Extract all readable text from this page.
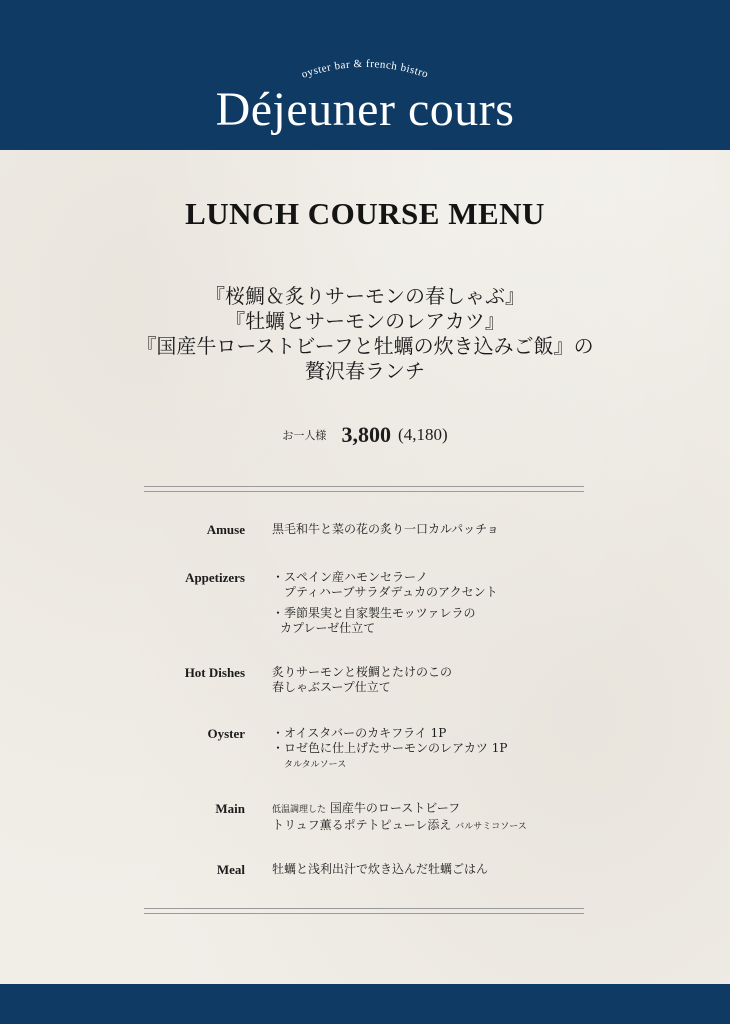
oyster bar & french bistro
Déjeuner cours
LUNCH COURSE MENU
『桜鯛＆炙りサーモンの春しゃぶ』
『牡蠣とサーモンのレアカツ』
『国産牛ローストビーフと牡蠣の炊き込みご飯』の
贅沢春ランチ
お一人様 3,800 (4,180)
Amuse 黒毛和牛と菜の花の炙り一口カルパッチョ
Appetizers ・スペイン産ハモンセラーノ
プティハーブサラダデュカのアクセント
・季節果実と自家製生モッツァレラの
カプレーゼ仕立て
Hot Dishes 炙りサーモンと桜鯛とたけのこの
春しゃぶスープ仕立て
Oyster ・オイスタバーのカキフライ 1P
・ロゼ色に仕上げたサーモンのレアカツ 1P
タルタルソース
Main	低温調理した 国産牛のローストビーフ
トリュフ薫るポテトピューレ添え バルサミコソース
Meal 牡蠣と浅利出汁で炊き込んだ牡蠣ごはん
